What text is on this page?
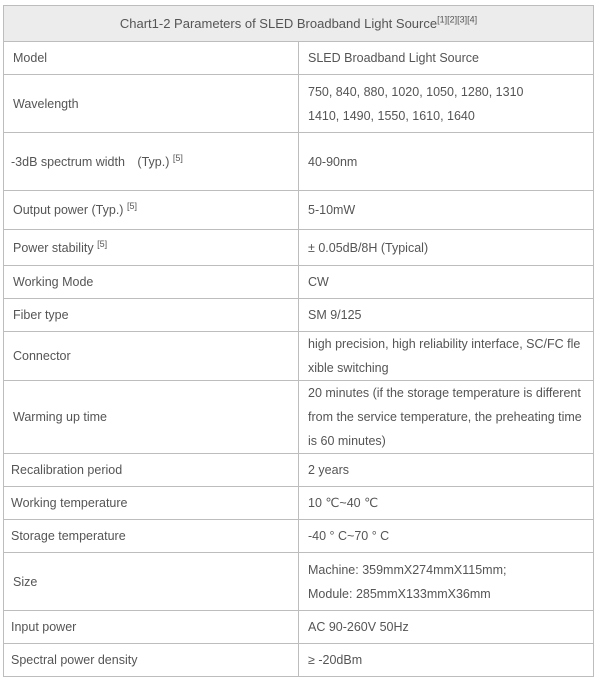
Chart1-2 Parameters of SLED Broadband Light Source[1][2][3][4]
Model	SLED Broadband Light Source
Wavelength	750, 840, 880, 1020, 1050, 1280, 1310
1410, 1490, 1550, 1610, 1640

-3dB spectrum width　(Typ.) [5]	40-90nm
Output power (Typ.) [5]	5-10mW
Power stability [5]	± 0.05dB/8H (Typical)
Working Mode	CW
Fiber type	SM 9/125
Connector	high precision, high reliability interface, SC/FC flexible switching
Warming up time	20 minutes (if the storage temperature is different from the service temperature, the preheating time is 60 minutes)
Recalibration period	2 years
Working temperature	10 ℃~40 ℃
Storage temperature	-40 ° C~70 ° C
Size	Machine: 359mmX274mmX115mm;
Module: 285mmX133mmX36mm

Input power	AC 90-260V 50Hz
Spectral power density	≥ -20dBm
